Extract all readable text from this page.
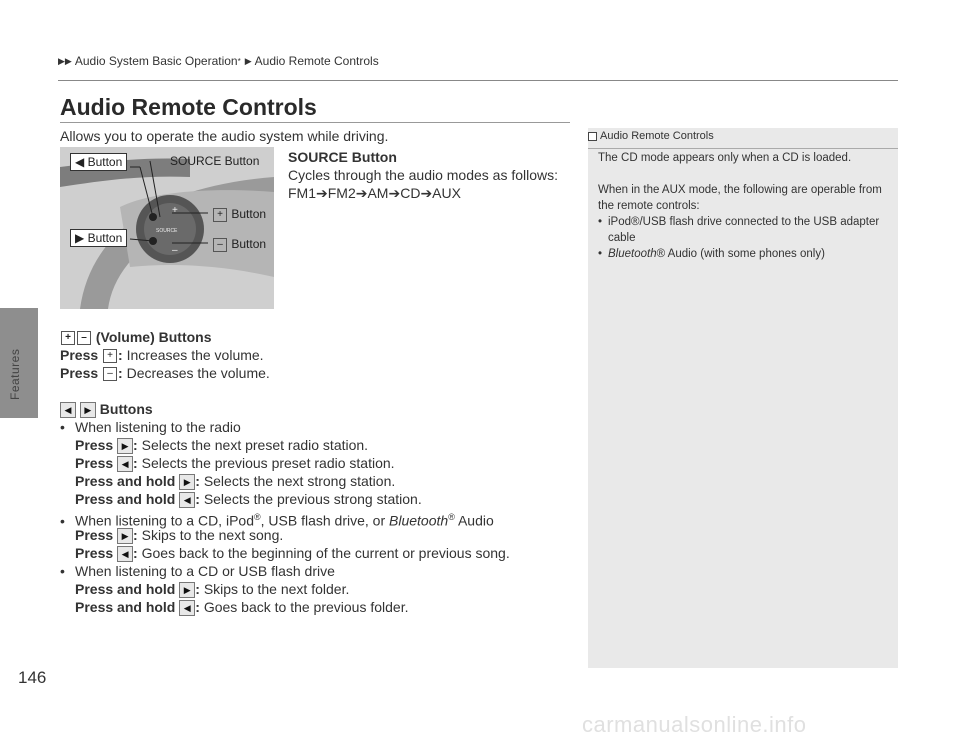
Features
▶▶ Audio System Basic Operation * ▶ Audio Remote Controls
Audio Remote Controls
Allows you to operate the audio system while driving.
+
–
SOURCE
◀ Button	SOURCE Button
+ Button
▶ Button	– Button
SOURCE Button
Cycles through the audio modes as follows:
FM1➔FM2➔AM➔CD➔AUX
+ – (Volume) Buttons
Press + : Increases the volume.
Press – : Decreases the volume.
◀ ▶ Buttons
• When listening to the radio
Press ▶ : Selects the next preset radio station.
Press ◀ : Selects the previous preset radio station.
Press and hold ▶ : Selects the next strong station.
Press and hold ◀ : Selects the previous strong station.
• When listening to a CD, iPod®, USB flash drive, or Bluetooth® Audio
Press ▶ : Skips to the next song.
Press ◀ : Goes back to the beginning of the current or previous song.
• When listening to a CD or USB flash drive
Press and hold ▶ : Skips to the next folder.
Press and hold ◀ : Goes back to the previous folder.
Audio Remote Controls
The CD mode appears only when a CD is loaded.
When in the AUX mode, the following are operable from the remote controls:
• iPod®/USB flash drive connected to the USB adapter cable
• Bluetooth® Audio (with some phones only)
146
carmanualsonline.info
